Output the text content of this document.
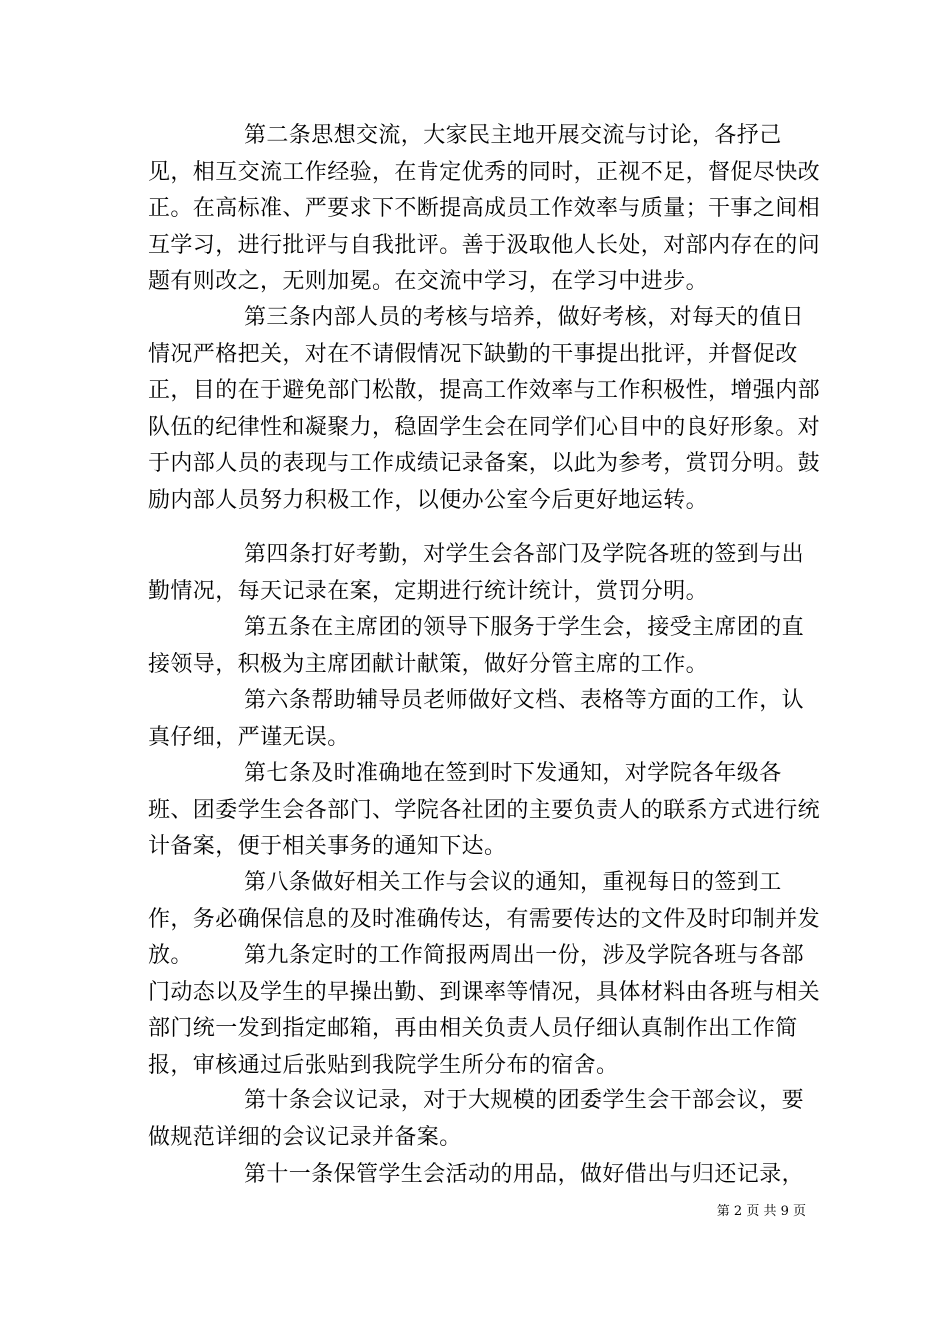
第二条思想交流，大家民主地开展交流与讨论，各抒己见，相互交流工作经验，在肯定优秀的同时，正视不足，督促尽快改正。在高标准、严要求下不断提高成员工作效率与质量；干事之间相互学习，进行批评与自我批评。善于汲取他人长处，对部内存在的问题有则改之，无则加冕。在交流中学习，在学习中进步。

第三条内部人员的考核与培养，做好考核，对每天的值日情况严格把关，对在不请假情况下缺勤的干事提出批评，并督促改正，目的在于避免部门松散，提高工作效率与工作积极性，增强内部队伍的纪律性和凝聚力，稳固学生会在同学们心目中的良好形象。对于内部人员的表现与工作成绩记录备案，以此为参考，赏罚分明。鼓励内部人员努力积极工作，以便办公室今后更好地运转。

第四条打好考勤，对学生会各部门及学院各班的签到与出勤情况，每天记录在案，定期进行统计统计，赏罚分明。

第五条在主席团的领导下服务于学生会，接受主席团的直接领导，积极为主席团献计献策，做好分管主席的工作。

第六条帮助辅导员老师做好文档、表格等方面的工作，认真仔细，严谨无误。

第七条及时准确地在签到时下发通知，对学院各年级各班、团委学生会各部门、学院各社团的主要负责人的联系方式进行统计备案，便于相关事务的通知下达。

第八条做好相关工作与会议的通知，重视每日的签到工作，务必确保信息的及时准确传达，有需要传达的文件及时印制并发放。	第九条定时的工作简报两周出一份，涉及学院各班与各部门动态以及学生的早操出勤、到课率等情况，具体材料由各班与相关部门统一发到指定邮箱，再由相关负责人员仔细认真制作出工作简报，审核通过后张贴到我院学生所分布的宿舍。

第十条会议记录，对于大规模的团委学生会干部会议，要做规范详细的会议记录并备案。

第十一条保管学生会活动的用品，做好借出与归还记录，

第 2 页 共 9 页
